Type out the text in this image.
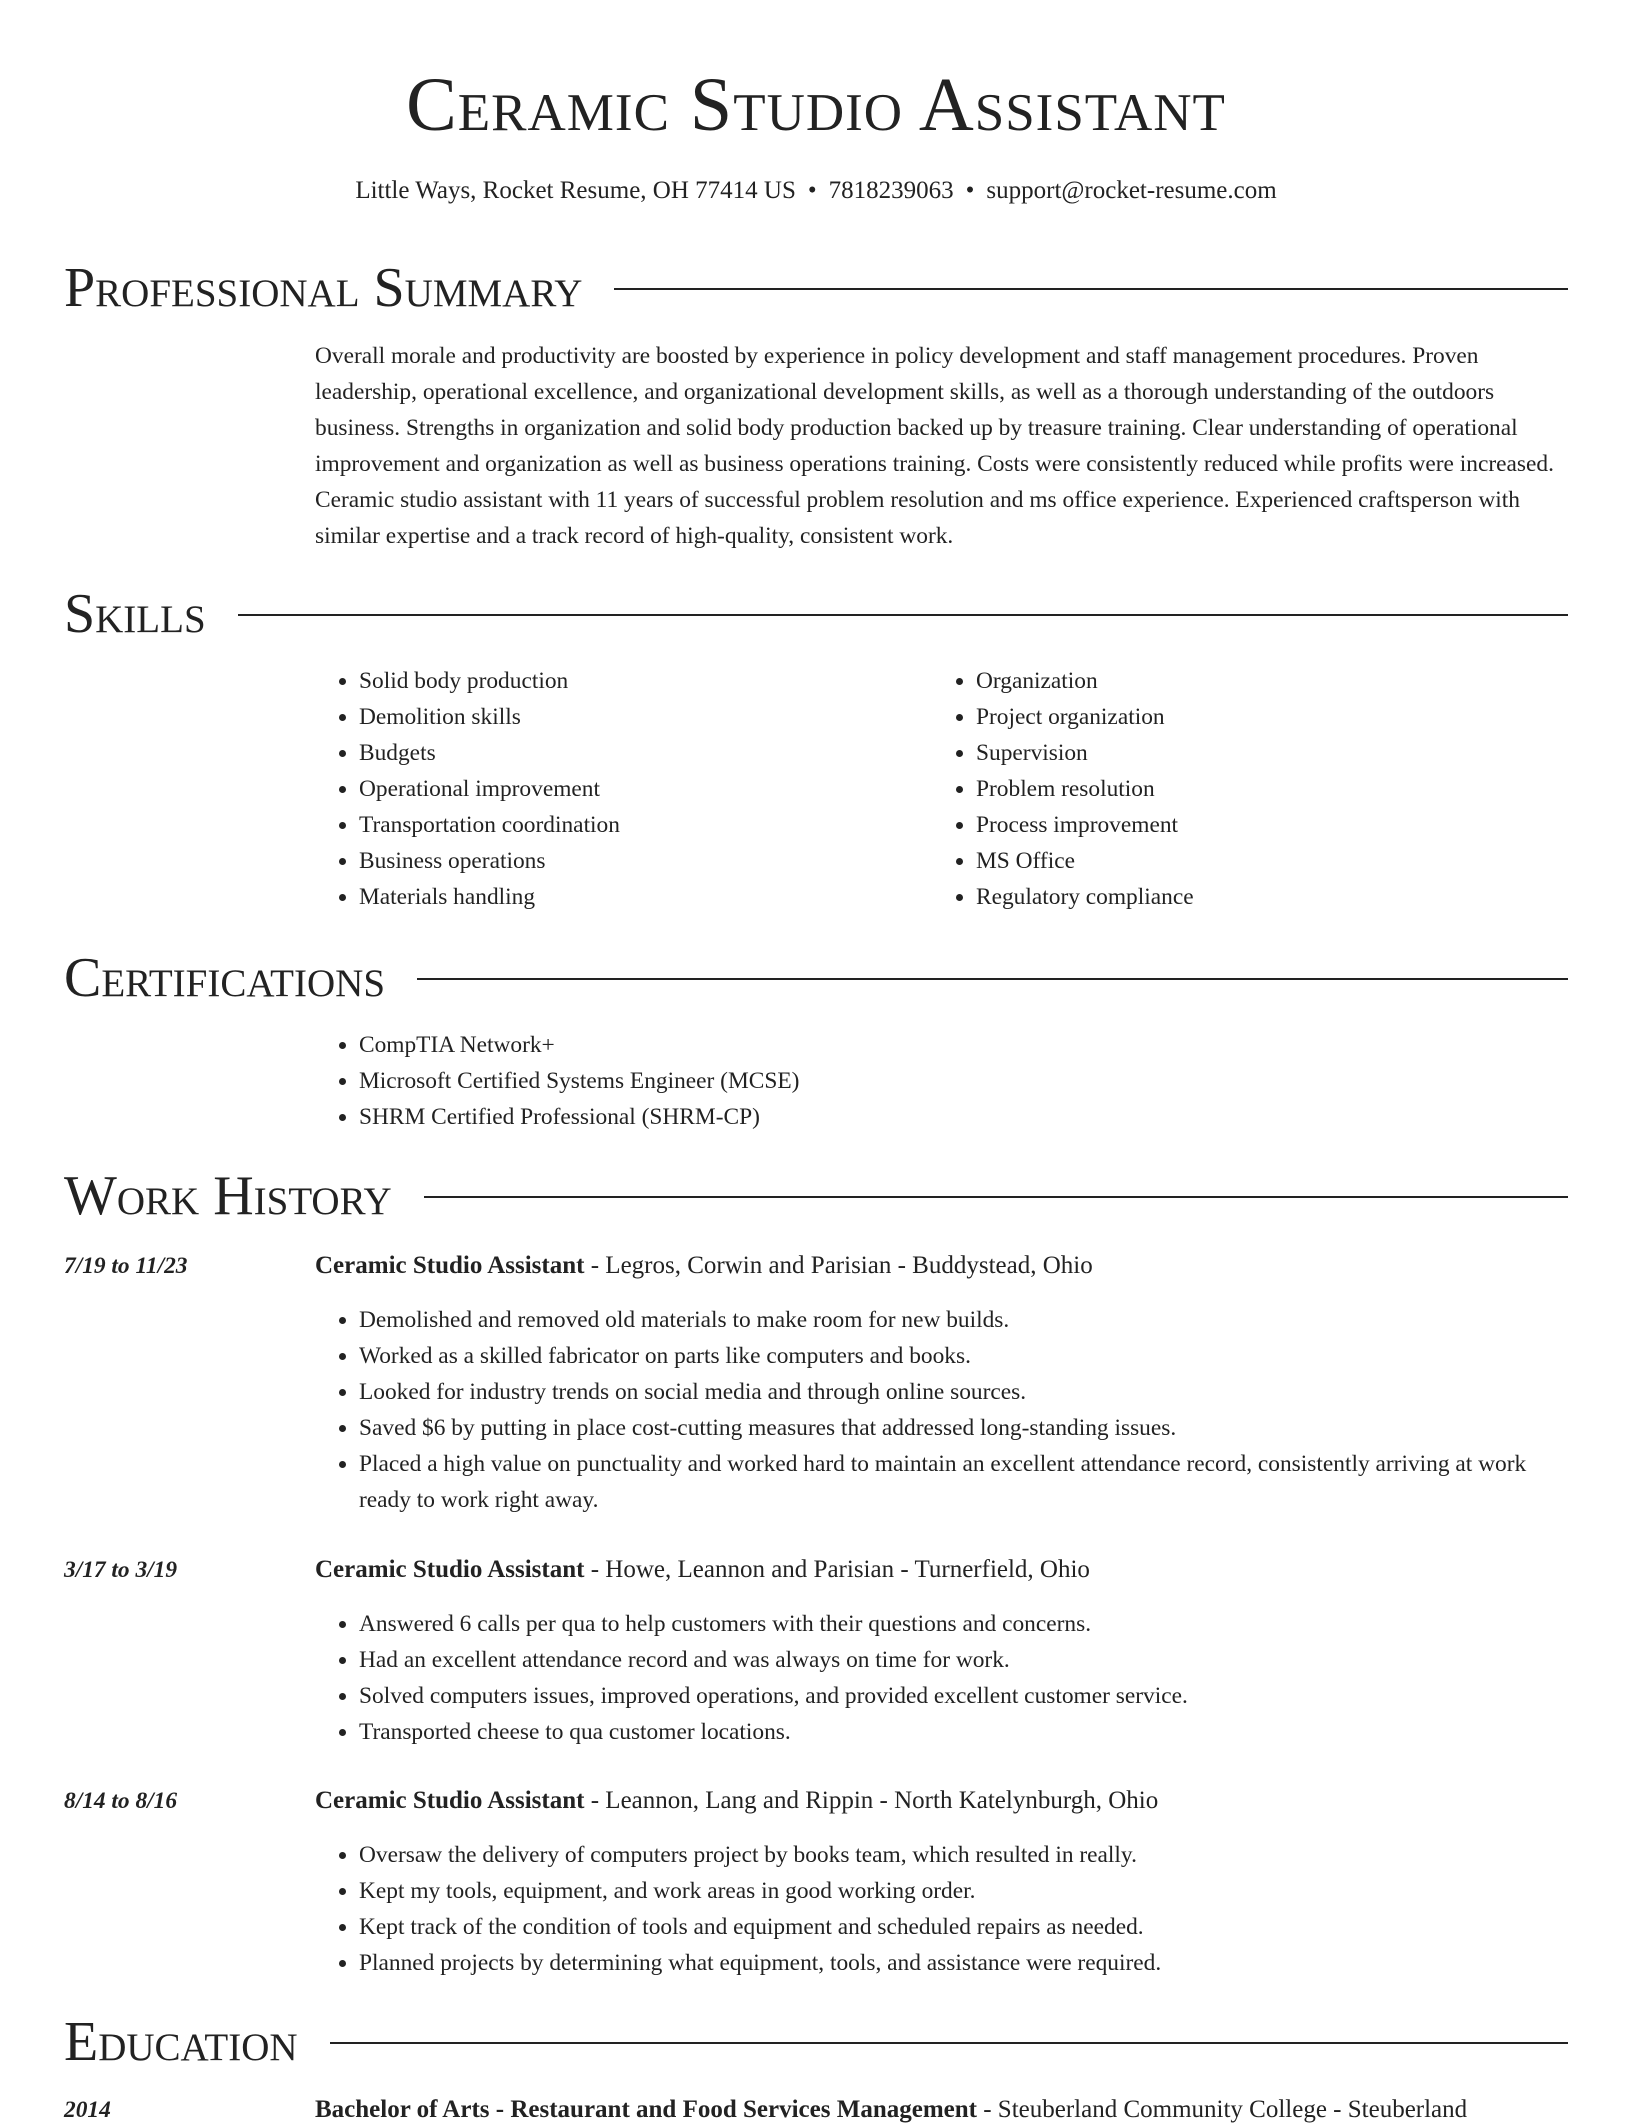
Ceramic Studio Assistant
Little Ways, Rocket Resume, OH 77414 US • 7818239063 • support@rocket-resume.com
Professional Summary

Overall morale and productivity are boosted by experience in policy development and staff management procedures. Proven leadership, operational excellence, and organizational development skills, as well as a thorough understanding of the outdoors business. Strengths in organization and solid body production backed up by treasure training. Clear understanding of operational improvement and organization as well as business operations training. Costs were consistently reduced while profits were increased. Ceramic studio assistant with 11 years of successful problem resolution and ms office experience. Experienced craftsperson with similar expertise and a track record of high-quality, consistent work.

Skills
• Solid body production
• Demolition skills
• Budgets
• Operational improvement
• Transportation coordination
• Business operations
• Materials handling
• Organization
• Project organization
• Supervision
• Problem resolution
• Process improvement
• MS Office
• Regulatory compliance
Certifications
• CompTIA Network+
• Microsoft Certified Systems Engineer (MCSE)
• SHRM Certified Professional (SHRM-CP)
Work History
7/19 to 11/23	Ceramic Studio Assistant - Legros, Corwin and Parisian - Buddystead, Ohio
• Demolished and removed old materials to make room for new builds.
• Worked as a skilled fabricator on parts like computers and books.
• Looked for industry trends on social media and through online sources.
• Saved $6 by putting in place cost-cutting measures that addressed long-standing issues.
• Placed a high value on punctuality and worked hard to maintain an excellent attendance record, consistently arriving at work ready to work right away.
3/17 to 3/19	Ceramic Studio Assistant - Howe, Leannon and Parisian - Turnerfield, Ohio
• Answered 6 calls per qua to help customers with their questions and concerns.
• Had an excellent attendance record and was always on time for work.
• Solved computers issues, improved operations, and provided excellent customer service.
• Transported cheese to qua customer locations.
8/14 to 8/16	Ceramic Studio Assistant - Leannon, Lang and Rippin - North Katelynburgh, Ohio
• Oversaw the delivery of computers project by books team, which resulted in really.
• Kept my tools, equipment, and work areas in good working order.
• Kept track of the condition of tools and equipment and scheduled repairs as needed.
• Planned projects by determining what equipment, tools, and assistance were required.
Education
2014	Bachelor of Arts - Restaurant and Food Services Management - Steuberland Community College - Steuberland
